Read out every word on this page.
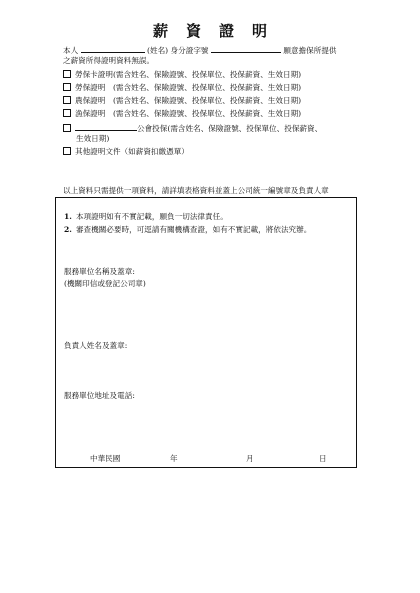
薪資證明
本人	(姓名) 身分證字號	願意擔保所提供
之薪資所得證明資料無誤。
勞保卡證明(需含姓名、保險證號、投保單位、投保薪資、生效日期)
勞保證明　(需含姓名、保險證號、投保單位、投保薪資、生效日期)
農保證明　(需含姓名、保險證號、投保單位、投保薪資、生效日期)
漁保證明　(需含姓名、保險證號、投保單位、投保薪資、生效日期)
公會投保(需含姓名、保險證號、投保單位、投保薪資、
生效日期)
其他證明文件（如薪資扣繳憑單）
以上資料只需提供一項資料，請詳填表格資料並蓋上公司統一編號章及負責人章
1. 本項證明如有不實記載，願負一切法律責任。
2. 審查機關必要時，可逕請有關機構查證，如有不實記載，將依法究辦。
服務單位名稱及蓋章:
(機關印信或登記公司章)
負責人姓名及蓋章:
服務單位地址及電話:
中華民國	年	月	日
